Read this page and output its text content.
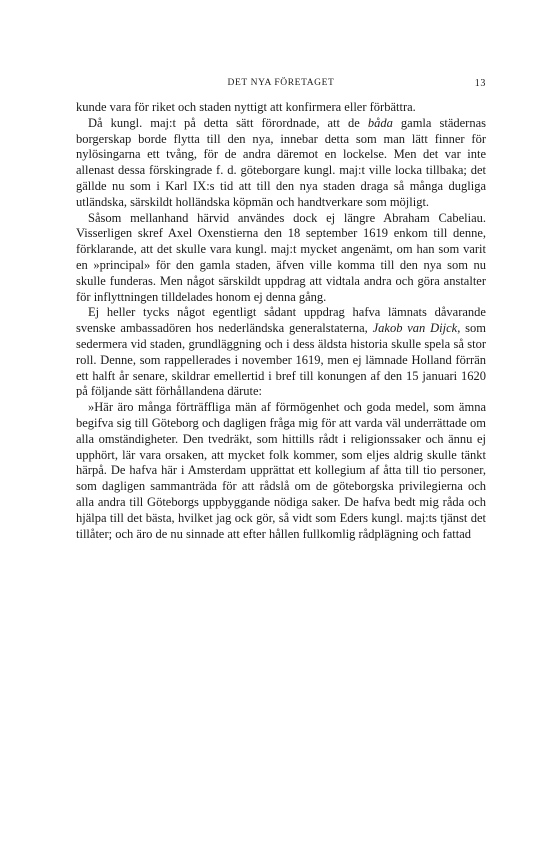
DET NYA FÖRETAGET	13

kunde vara för riket och staden nyttigt att konfirmera eller förbättra.

Då kungl. maj:t på detta sätt förordnade, att de båda gamla städernas borgerskap borde flytta till den nya, innebar detta som man lätt finner för nylösingarna ett tvång, för de andra däremot en lockelse. Men det var inte allenast dessa förskingrade f. d. göteborgare kungl. maj:t ville locka tillbaka; det gällde nu som i Karl IX:s tid att till den nya staden draga så många dugliga utländska, särskildt holländska köpmän och handtverkare som möjligt.

Såsom mellanhand härvid användes dock ej längre Abraham Cabeliau. Visserligen skref Axel Oxenstierna den 18 september 1619 enkom till denne, förklarande, att det skulle vara kungl. maj:t mycket angenämt, om han som varit en »principal» för den gamla staden, äfven ville komma till den nya som nu skulle funderas. Men något särskildt uppdrag att vidtala andra och göra anstalter för inflyttningen tilldelades honom ej denna gång.

Ej heller tycks något egentligt sådant uppdrag hafva lämnats dåvarande svenske ambassadören hos nederländska generalstaterna, Jakob van Dijck, som sedermera vid staden, grundläggning och i dess äldsta historia skulle spela så stor roll. Denne, som rappellerades i november 1619, men ej lämnade Holland förrän ett halft år senare, skildrar emellertid i bref till konungen af den 15 januari 1620 på följande sätt förhållandena därute:

»Här äro många förträffliga män af förmögenhet och goda medel, som ämna begifva sig till Göteborg och dagligen fråga mig för att varda väl underrättade om alla omständigheter. Den tvedräkt, som hittills rådt i religionssaker och ännu ej upphört, lär vara orsaken, att mycket folk kommer, som eljes aldrig skulle tänkt härpå. De hafva här i Amsterdam upprättat ett kollegium af åtta till tio personer, som dagligen sammanträda för att rådslå om de göteborgska privilegierna och alla andra till Göteborgs uppbyggande nödiga saker. De hafva bedt mig råda och hjälpa till det bästa, hvilket jag ock gör, så vidt som Eders kungl. maj:ts tjänst det tillåter; och äro de nu sinnade att efter hållen fullkomlig rådplägning och fattad
